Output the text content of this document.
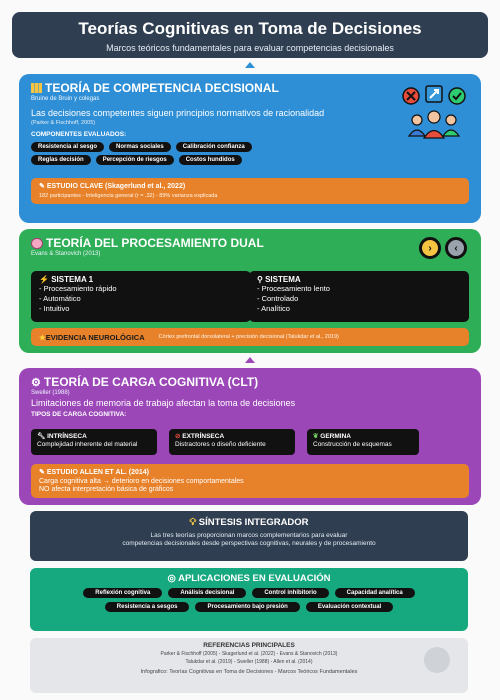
Teorías Cognitivas en Toma de Decisiones
Marcos teóricos fundamentales para evaluar competencias decisionales
TEORÍA DE COMPETENCIA DECISIONAL
Bruine de Bruin y colegas
Las decisiones competentes siguen principios normativos de racionalidad
(Parker & Fischhoff, 2005)
COMPONENTES EVALUADOS:
Resistencia al sesgo	Normas sociales	Calibración confianza
Reglas decisión	Percepción de riesgos	Costos hundidos
✎ ESTUDIO CLAVE (Skagerlund et al., 2022)
182 participantes - Inteligencia general (r = .32) - 89% varianza explicada
TEORÍA DEL PROCESAMIENTO DUAL
Evans & Stanovich (2013)
›	‹
⚡ SISTEMA 1
- Procesamiento rápido
- Automático
- Intuitivo
⚲ SISTEMA
- Procesamiento lento
- Controlado
- Analítico
★EVIDENCIA NEUROLÓGICA	Córtex prefrontal dorsolateral + precisión decisional (Talukdar et al., 2019)
⚙ TEORÍA DE CARGA COGNITIVA (CLT)
Sweller (1988)
Limitaciones de memoria de trabajo afectan la toma de decisiones
TIPOS DE CARGA COGNITIVA:
🔧︎ INTRÍNSECA
Complejidad inherente del material
⊘ EXTRÍNSECA
Distractores o diseño deficiente
❦ GERMINA
Construcción de esquemas
✎ ESTUDIO ALLEN ET AL. (2014)
Carga cognitiva alta → deterioro en decisiones comportamentales
NO afecta interpretación básica de gráficos
💡︎ SÍNTESIS INTEGRADOR
Las tres teorías proporcionan marcos complementarios para evaluar
competencias decisionales desde perspectivas cognitivas, neurales y de procesamiento
◎ APLICACIONES EN EVALUACIÓN
Reflexión cognitiva	Análisis decisional	Control inhibitorio	Capacidad analítica
Resistencia a sesgos	Procesamiento bajo presión	Evaluación contextual
REFERENCIAS PRINCIPALES
Parker & Fischhoff (2005) - Skagerlund et al. (2022) - Evans & Stanovich (2013)
Talukdar et al. (2019) - Sweller (1988) - Allen et al. (2014)
Infografico: Teorías Cognitivas en Toma de Decisiones - Marcos Teóricos Fundamentales
